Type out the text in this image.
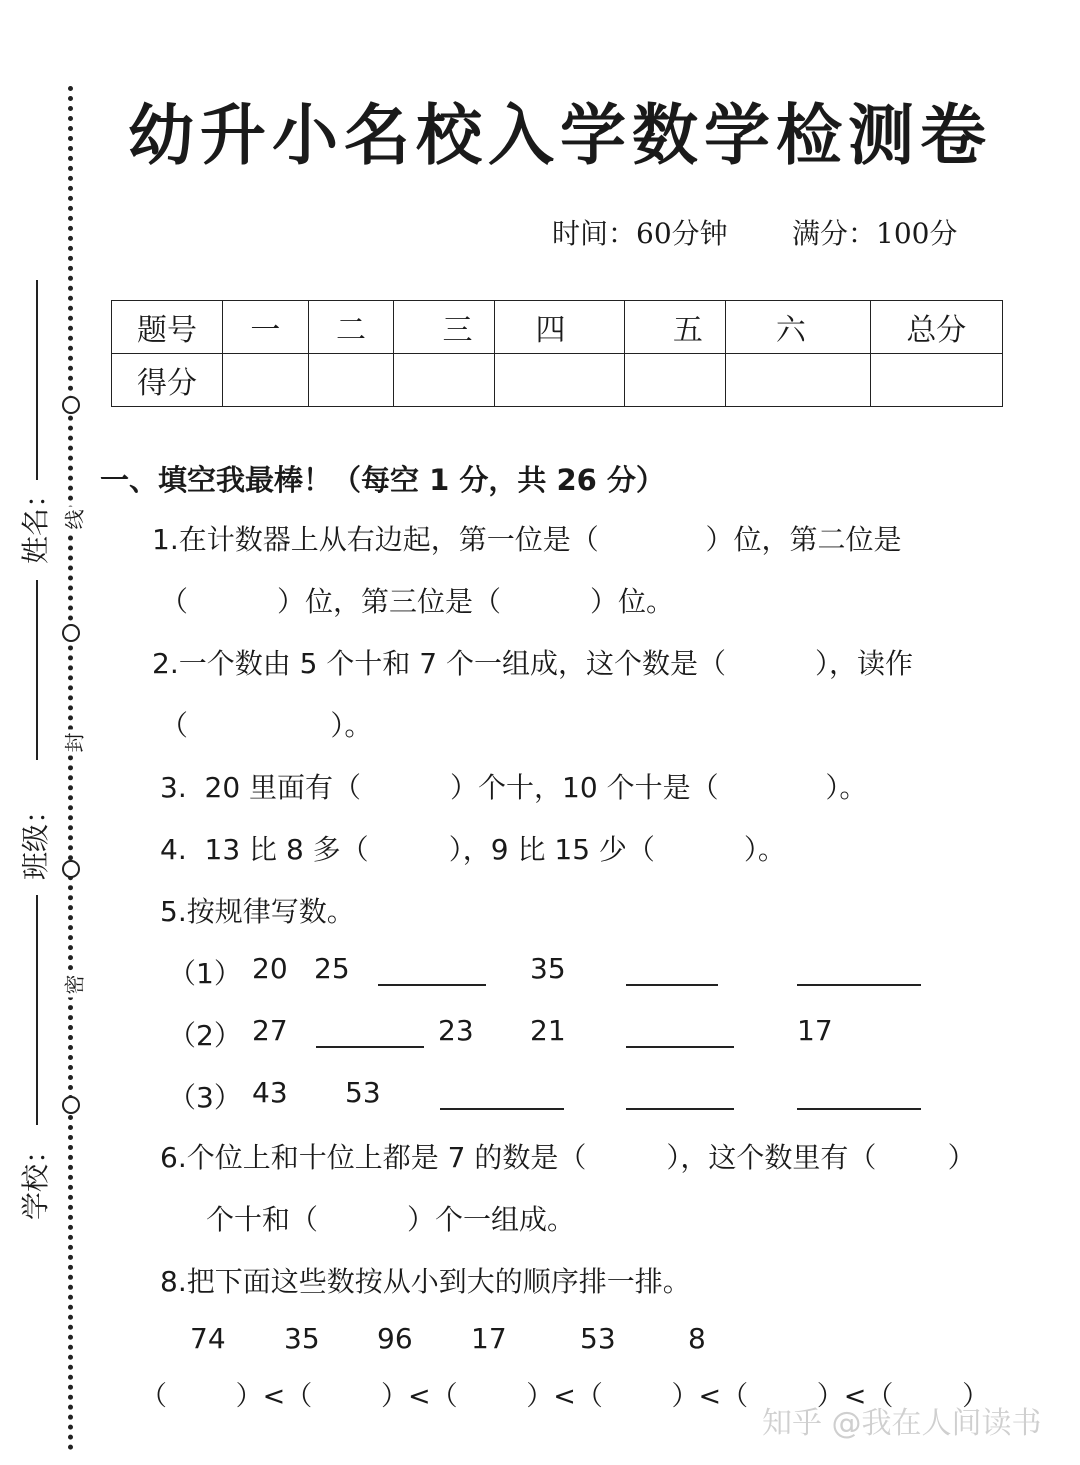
线
封
密
姓名：
班级：
学校：
幼升小名校入学数学检测卷
时间：60分钟 满分：100分
题号	一	二	三	四	五	六	总分
得分							
一、填空我最棒！（每空 1 分，共 26 分）
1.在计数器上从右边起，第一位是（            ）位，第二位是
（          ）位，第三位是（          ）位。
2.一个数由 5 个十和 7 个一组成，这个数是（          ），读作
（                ）。
3.  20 里面有（          ）个十，10 个十是（            ）。
4.  13 比 8 多（         ），9 比 15 少（          ）。
5.按规律写数。
（1） 20 25	35
（2） 27	23 21	17
（3） 43 53
6.个位上和十位上都是 7 的数是（         ），这个数里有（        ）
个十和（          ）个一组成。
8.把下面这些数按从小到大的顺序排一排。
74 35 96 17	53	8
（        ）<（        ）<（        ）<（        ）<（        ）<（        ）
知乎 @我在人间读书
